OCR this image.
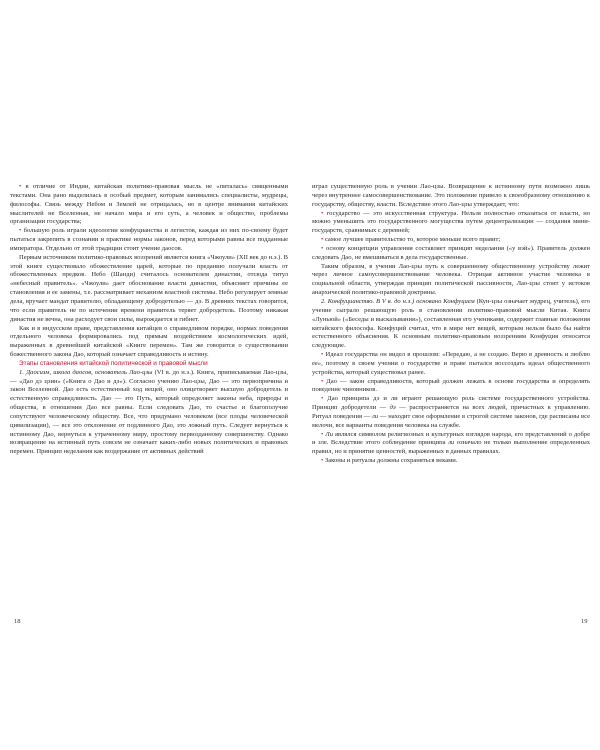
• в отличие от Индии, китайская политико-правовая мысль не «питалась» священными текстами. Она рано выделилась в особый предмет, которым занимались специалисты, мудрецы, философы. Связь между Небом и Землей не отрицалась, но в центре внимания китайских мыслителей не Вселенная, не начало мира и его суть, а человек и общество, проблемы организации государства;

• большую роль играли идеологии конфуцианства и легистов, каждая из них по-своему будет пытаться закрепить в сознании и практике нормы законов, перед которыми равны все подданные императора. Отдельно от этой традиции стоит учение даосов.

Первым источником политико-правовых воззрений является книга «Чжоули» (XII век до н.э.). В этой книге существовало обожествление царей, которые по преданию получали власть от обожествленных предков. Небо (Шанди) считалось основателем династии, отсюда титул «небесный правитель». «Чжоули» дает обоснование власти династии, объясняет причины ее становления и ее замены, т.е. рассматривает механизм властной системы. Небо регулирует земные дела, вручает мандат правителю, обладающему добродетелью — дэ. В древних текстах говорится, что если правитель не по истечении времени правитель теряет добродетель. Поэтому никакая династия не вечна, она расходует свои силы, вырождается и гибнет.

Как и в индусском праве, представления китайцев о справедливом порядке, нормах поведения отдельного человека формировались под прямым воздействием космологических идей, выраженных в древнейшей китайской «Книге перемен». Там же говорится о существовании божественного закона Дао, который означает справедливость и истину.

Этапы становления китайской политической и правовой мысли

1. Даосизм, школа даосов, основатель Лао-цзы (VI в. до н.э.). Книга, приписываемая Лао-цзы, — «Дао дэ цзин» («Книга о Дао и дэ»). Согласно учению Лао-цзы, Дао — это первопричина и закон Вселенной. Дао есть естественный ход вещей, оно олицетворяет высшую добродетель и естественную справедливость. Дао — это Путь, который определяет законы неба, природы и общества, в отношении Дао все равны. Если следовать Дао, то счастье и благополучие сопутствуют человеческому обществу. Все, что придумано человеком (все плоды человеческой цивилизации), — все это отклонение от подлинного Дао, это ложный путь. Следует вернуться к истинному Дао, вернуться к утраченному миру, простому первозданному совершенству. Однако возвращение на истинный путь совсем не означает каких-либо новых политических и правовых перемен. Принцип неделания как воздержание от активных действий

играл существенную роль в учении Лао-цзы. Возвращение к истинному пути возможно лишь через внутреннее самосовершенствование. Это положение привело к своеобразному отношению к государству, обществу, власти. Вследствие этого Лао-цзы утверждает, что:

• государство — это искусственная структура. Нельзя полностью отказаться от власти, но можно уменьшить это государственного могущества путем децентрализации — создания мини-государств, сравнимых с деревней;

• самое лучшее правительство то, которое меньше всего правит;

• основу концепции управления составляет принцип неделания («у вэй»). Правитель должен следовать Дао, не вмешиваться в дела государственные.

Таким образом, в учении Лао-цзы путь к совершенному общественному устройству лежит через личное самоусовершенствование человека. Отрицая активное участие человека в социальной области, утверждая принцип политической пассивности, Лао-цзы стоит у истоков анархической политико-правовой доктрины.

2. Конфуцианство. В V в. до н.э.) основано Конфуцием (Кун-цзы означает мудрец, учитель), его учение сыграло решающую роль в становлении политико-правовой мысли Китая. Книга «Луньюй» («Беседы и высказывания»), составленная его учениками, содержит главные положения китайского философа. Конфуций считал, что в мире нет вещей, которым нельзя было бы найти естественного объяснения. К основным политико-правовым воззрениям Конфуция относятся следующие.

• Идеал государства он видел в прошлом: «Передаю, а не создаю. Верю в древность и люблю ее», поэтому в своем учении о государстве и праве пытался воссоздать идеал общественного устройства, который существовал ранее.

• Дао — закон справедливости, который должен лежать в основе государства и определять поведение чиновников.

• Дао принципа дэ и ли играют решающую роль системе государственного устройства. Принцип добродетели — дэ — распространяется на всех людей, причастных к управлению. Ритуал поведения — ли — находит свое оформление в строгой системе законов, где расписаны все мелочи, все варианты поведения человека на службе.

• Ли являлся символом религиозных и культурных взглядов народа, его представлений о добре и зле. Вследствие этого соблюдение принципа ли означало не только выполнение определенных правил, но и принятие ценностей, выраженных в данных правилах.

• Законы и ритуалы должны сохраняться веками.

18	19
